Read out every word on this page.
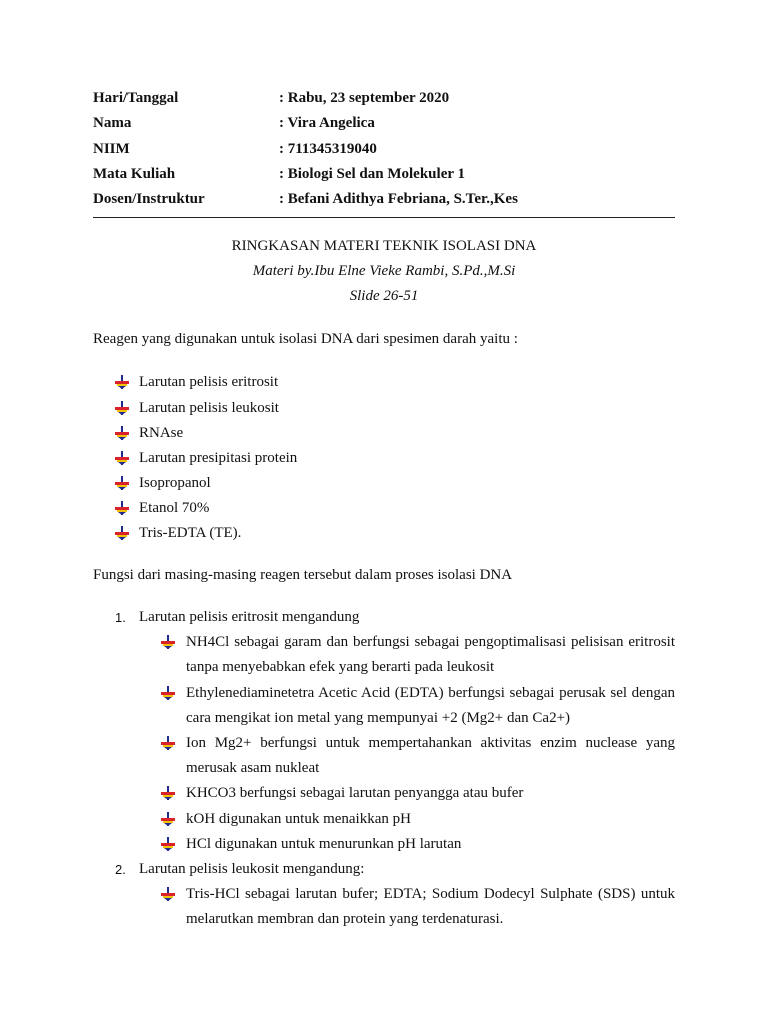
Hari/Tanggal	: Rabu, 23 september 2020
Nama	: Vira Angelica
NIIM	: 711345319040
Mata Kuliah	: Biologi Sel dan Molekuler 1
Dosen/Instruktur	: Befani Adithya Febriana, S.Ter.,Kes
RINGKASAN MATERI TEKNIK ISOLASI DNA
Materi by.Ibu Elne Vieke Rambi, S.Pd.,M.Si
Slide 26-51
Reagen yang digunakan untuk isolasi DNA dari spesimen darah yaitu :
Larutan pelisis eritrosit
Larutan pelisis leukosit
RNAse
Larutan presipitasi protein
Isopropanol
Etanol 70%
Tris-EDTA (TE).
Fungsi dari masing-masing reagen tersebut dalam proses isolasi DNA
1. Larutan pelisis eritrosit mengandung
NH4Cl sebagai garam dan berfungsi sebagai pengoptimalisasi pelisisan eritrosit tanpa menyebabkan efek yang berarti pada leukosit
Ethylenediaminetetra Acetic Acid (EDTA) berfungsi sebagai perusak sel dengan cara mengikat ion metal yang mempunyai +2 (Mg2+ dan Ca2+)
Ion Mg2+ berfungsi untuk mempertahankan aktivitas enzim nuclease yang merusak asam nukleat
KHCO3 berfungsi sebagai larutan penyangga atau bufer
kOH digunakan untuk menaikkan pH
HCl digunakan untuk menurunkan pH larutan
2. Larutan pelisis leukosit mengandung:
Tris-HCl sebagai larutan bufer; EDTA; Sodium Dodecyl Sulphate (SDS) untuk melarutkan membran dan protein yang terdenaturasi.
